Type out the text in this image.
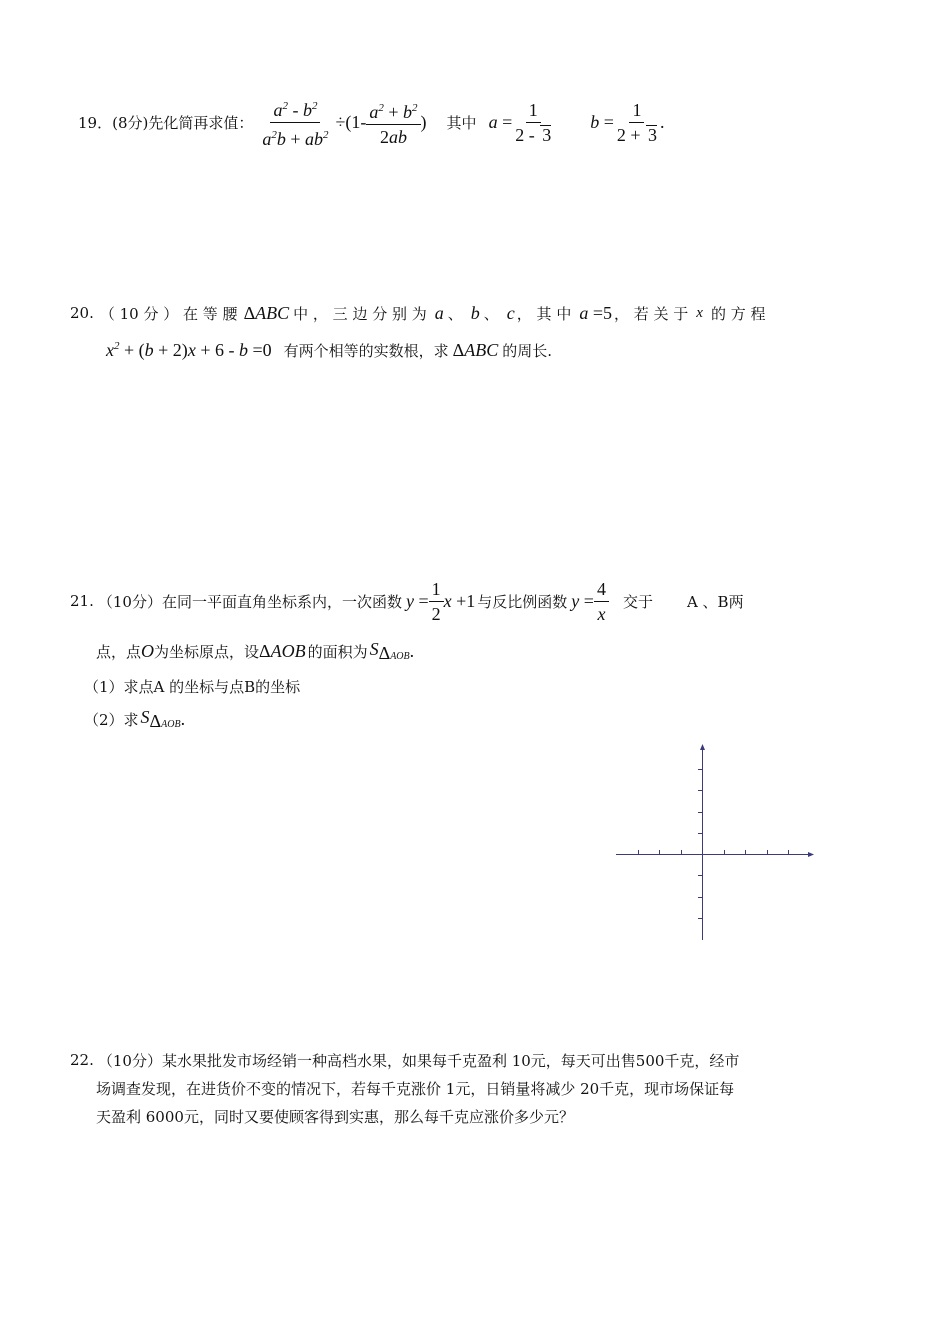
19． (8分) 先化简再求值： $\frac{a^2 - b^2}{a^2b + ab^2} \div(1- \frac{a^2 + b^2}{2ab}$ ) 其中 $a = \frac{1}{2 - 3}$ $b = \frac{1}{2 + 3}$ .
20. （ 10 分 ） 在 等 腰 ΔABC 中 ， 三 边 分 别 为 a 、 b 、 c ， 其 中 a =5 ， 若 关 于 x 的 方 程
$x^2 + (b + 2)x + 6 - b =0$ 有两个相等的实数根，求 ΔABC 的周长.
21. （10分）在同一平面直角坐标系内，一次函数 $y = \frac{1}{2}$ x +1 与反比例函数 $y = \frac{4}{x}$ 交于 A 、B两
点，点 O 为坐标原点，设 ΔAOB 的面积为 $S_{\Delta AOB}$ .
（1）求点A 的坐标与点B的坐标
（2）求 $S_{\Delta AOB}$ .
22. （10分）某水果批发市场经销一种高档水果，如果每千克盈利 10元，每天可出售500千克，经市
场调查发现，在进货价不变的情况下，若每千克涨价 1元，日销量将减少 20千克，现市场保证每
天盈利 6000元，同时又要使顾客得到实惠，那么每千克应涨价多少元？
